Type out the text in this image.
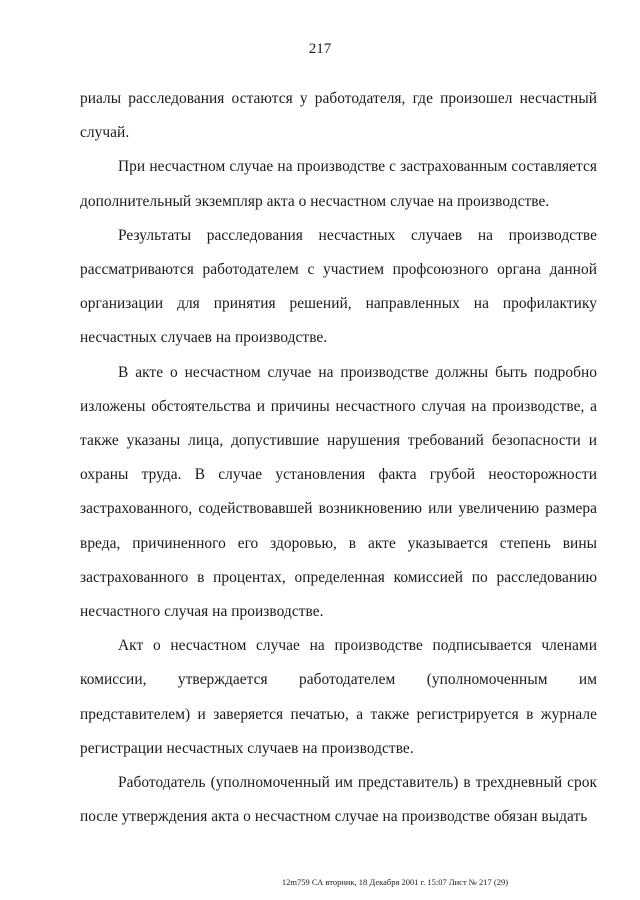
217

риалы расследования остаются у работодателя, где произошел несчастный случай.

При несчастном случае на производстве с застрахованным составляется дополнительный экземпляр акта о несчастном случае на производстве.

Результаты расследования несчастных случаев на производстве рассматриваются работодателем с участием профсоюзного органа данной организации для принятия решений, направленных на профилактику несчастных случаев на производстве.

В акте о несчастном случае на производстве должны быть подробно изложены обстоятельства и причины несчастного случая на производстве, а также указаны лица, допустившие нарушения требований безопасности и охраны труда. В случае установления факта грубой неосторожности застрахованного, содействовавшей возникновению или увеличению размера вреда, причиненного его здоровью, в акте указывается степень вины застрахованного в процентах, определенная комиссией по расследованию несчастного случая на производстве.

Акт о несчастном случае на производстве подписывается членами комиссии, утверждается работодателем (уполномоченным им представителем) и заверяется печатью, а также регистрируется в журнале регистрации несчастных случаев на производстве.

Работодатель (уполномоченный им представитель) в трехдневный срок после утверждения акта о несчастном случае на производстве обязан выдать

12m759 СА вторник, 18 Декабря 2001 г. 15:07 Лист № 217 (29)
